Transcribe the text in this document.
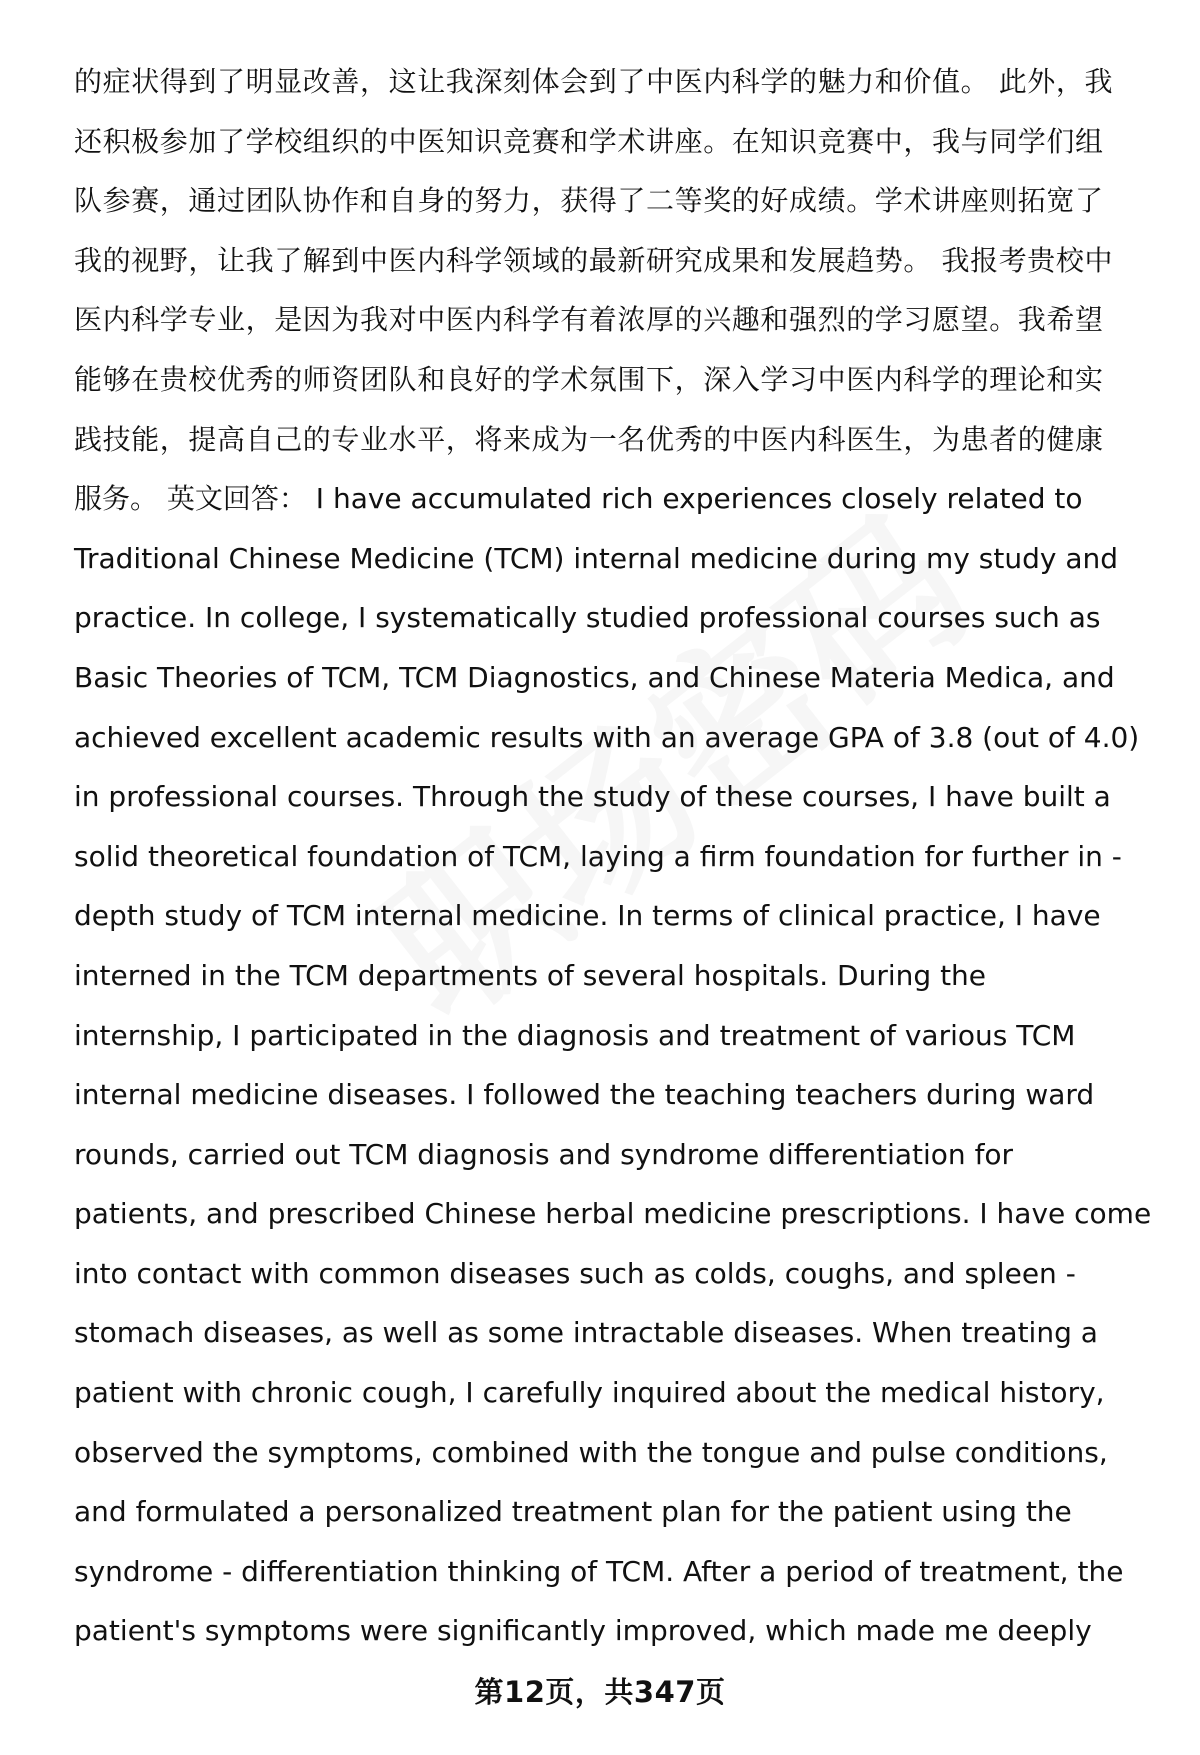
的症状得到了明显改善，这让我深刻体会到了中医内科学的魅力和价值。 此外，我
还积极参加了学校组织的中医知识竞赛和学术讲座。在知识竞赛中，我与同学们组
队参赛，通过团队协作和自身的努力，获得了二等奖的好成绩。学术讲座则拓宽了
我的视野，让我了解到中医内科学领域的最新研究成果和发展趋势。 我报考贵校中
医内科学专业，是因为我对中医内科学有着浓厚的兴趣和强烈的学习愿望。我希望
能够在贵校优秀的师资团队和良好的学术氛围下，深入学习中医内科学的理论和实
践技能，提高自己的专业水平，将来成为一名优秀的中医内科医生，为患者的健康
服务。 英文回答： I have accumulated rich experiences closely related to
Traditional Chinese Medicine (TCM) internal medicine during my study and
practice. In college, I systematically studied professional courses such as
Basic Theories of TCM, TCM Diagnostics, and Chinese Materia Medica, and
achieved excellent academic results with an average GPA of 3.8 (out of 4.0)
in professional courses. Through the study of these courses, I have built a
solid theoretical foundation of TCM, laying a firm foundation for further in -
depth study of TCM internal medicine. In terms of clinical practice, I have
interned in the TCM departments of several hospitals. During the
internship, I participated in the diagnosis and treatment of various TCM
internal medicine diseases. I followed the teaching teachers during ward
rounds, carried out TCM diagnosis and syndrome differentiation for
patients, and prescribed Chinese herbal medicine prescriptions. I have come
into contact with common diseases such as colds, coughs, and spleen -
stomach diseases, as well as some intractable diseases. When treating a
patient with chronic cough, I carefully inquired about the medical history,
observed the symptoms, combined with the tongue and pulse conditions,
and formulated a personalized treatment plan for the patient using the
syndrome - differentiation thinking of TCM. After a period of treatment, the
patient's symptoms were significantly improved, which made me deeply
第12页，共347页
